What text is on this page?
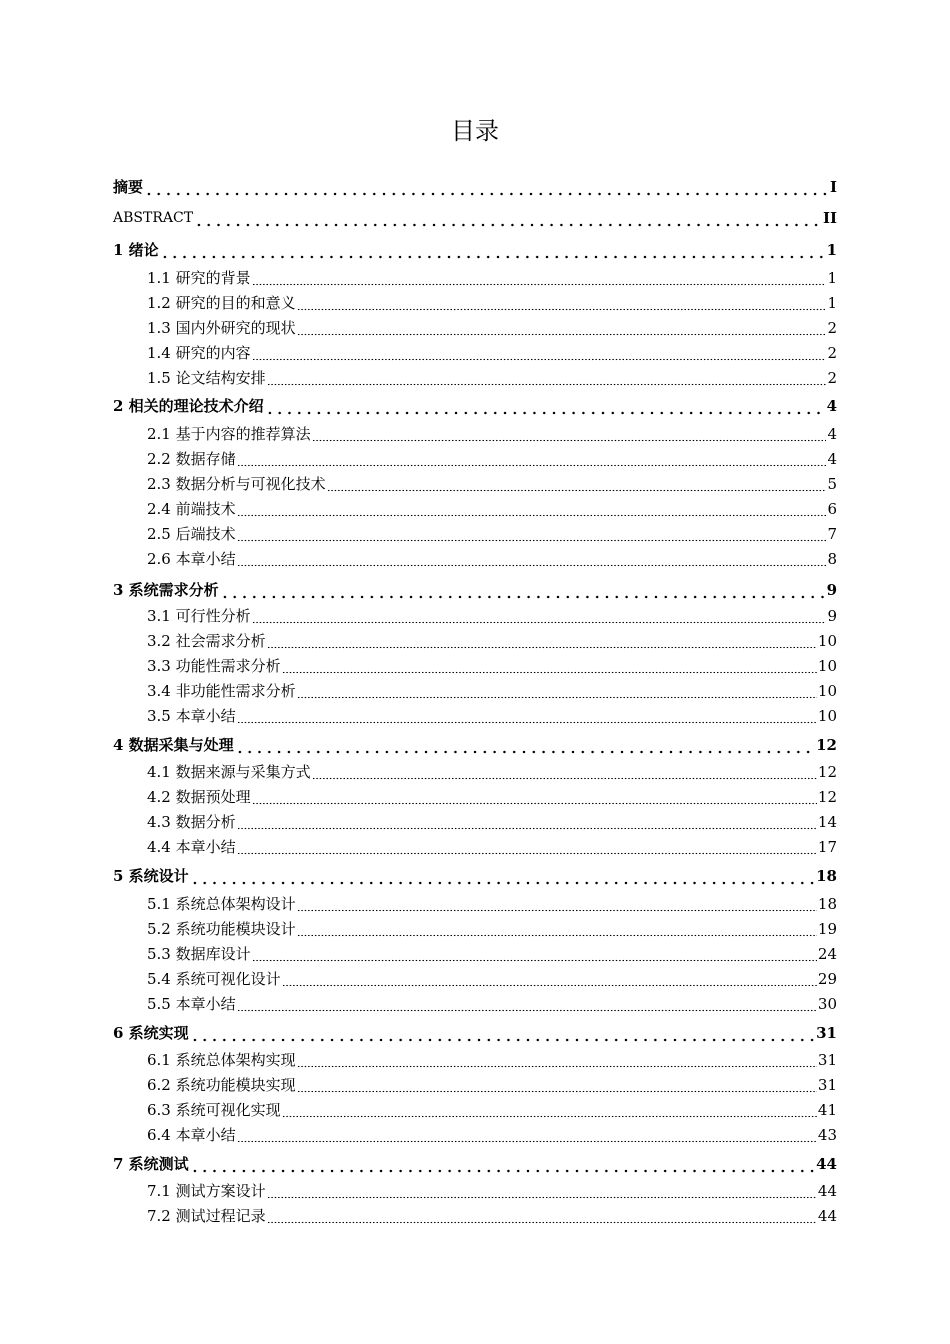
目录
摘要	I
ABSTRACT	II
1 绪论	1
1.1 研究的背景	1
1.2 研究的目的和意义	1
1.3 国内外研究的现状	2
1.4 研究的内容	2
1.5 论文结构安排	2
2 相关的理论技术介绍	4
2.1 基于内容的推荐算法	4
2.2 数据存储	4
2.3 数据分析与可视化技术	5
2.4 前端技术	6
2.5 后端技术	7
2.6 本章小结	8
3 系统需求分析	9
3.1 可行性分析	9
3.2 社会需求分析	10
3.3 功能性需求分析	10
3.4 非功能性需求分析	10
3.5 本章小结	10
4 数据采集与处理	12
4.1 数据来源与采集方式	12
4.2 数据预处理	12
4.3 数据分析	14
4.4 本章小结	17
5 系统设计	18
5.1 系统总体架构设计	18
5.2 系统功能模块设计	19
5.3 数据库设计	24
5.4 系统可视化设计	29
5.5 本章小结	30
6 系统实现	31
6.1 系统总体架构实现	31
6.2 系统功能模块实现	31
6.3 系统可视化实现	41
6.4 本章小结	43
7 系统测试	44
7.1 测试方案设计	44
7.2 测试过程记录	44
